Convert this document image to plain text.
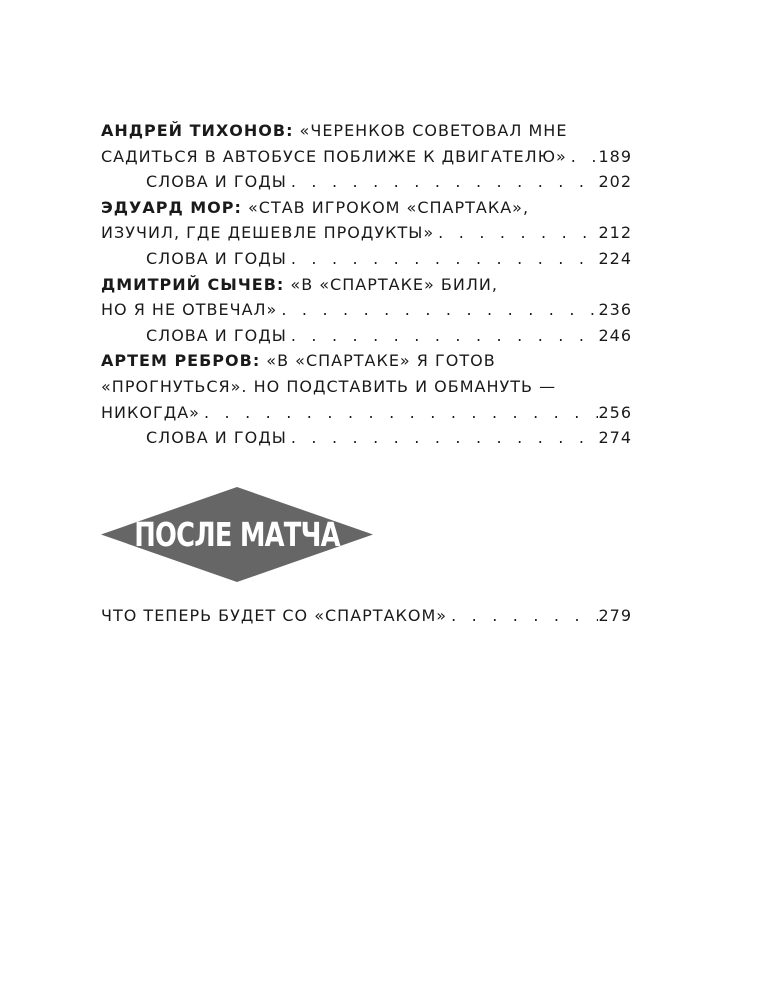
АНДРЕЙ ТИХОНОВ: «ЧЕРЕНКОВ СОВЕТОВАЛ МНЕ
САДИТЬСЯ В АВТОБУСЕ ПОБЛИЖЕ К ДВИГАТЕЛЮ» . . . 189
СЛОВА И ГОДЫ . . .	202
ЭДУАРД МОР: «СТАВ ИГРОКОМ «СПАРТАКА»,
ИЗУЧИЛ, ГДЕ ДЕШЕВЛЕ ПРОДУКТЫ» . . .	212
СЛОВА И ГОДЫ . . .	224
ДМИТРИЙ СЫЧЕВ: «В «СПАРТАКЕ» БИЛИ,
НО Я НЕ ОТВЕЧАЛ» . . .	236
СЛОВА И ГОДЫ . . .	246
АРТЕМ РЕБРОВ: «В «СПАРТАКЕ» Я ГОТОВ
«ПРОГНУТЬСЯ». НО ПОДСТАВИТЬ И ОБМАНУТЬ —
НИКОГДА» . . .	256
СЛОВА И ГОДЫ . . .	274
ПОСЛЕ МАТЧА
ЧТО ТЕПЕРЬ БУДЕТ СО «СПАРТАКОМ» . . .	279
